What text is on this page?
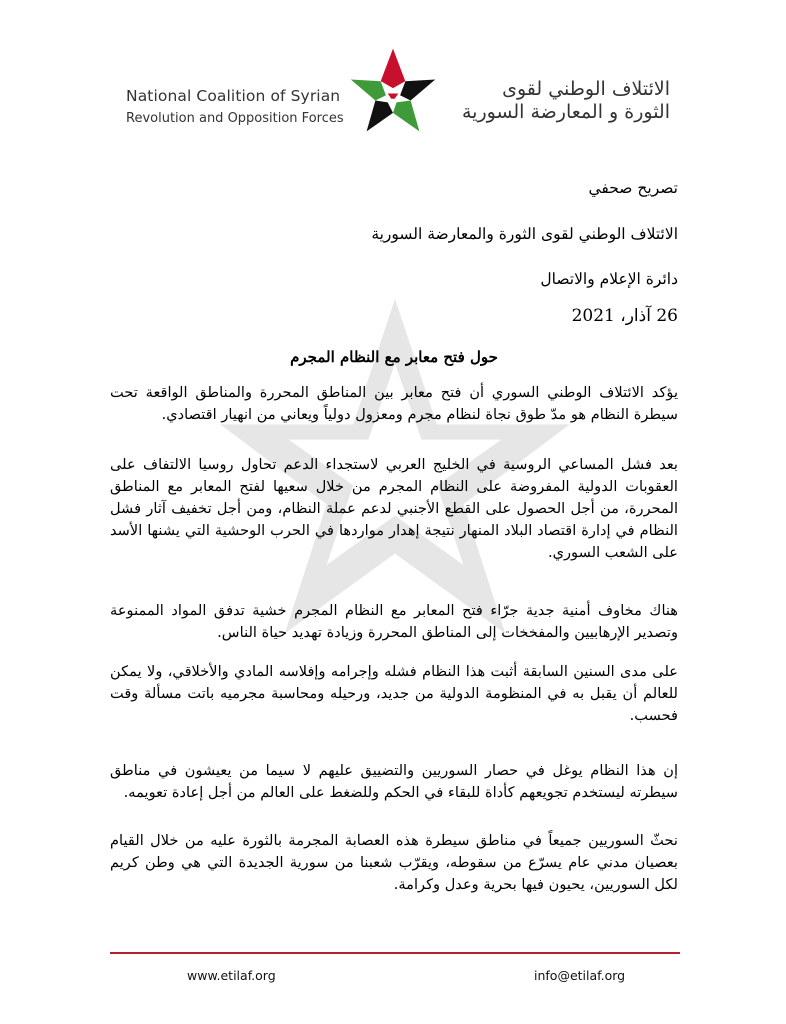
National Coalition of Syrian
Revolution and Opposition Forces
الائتلاف الوطني لقوى
الثورة و المعارضة السورية

تصريح صحفي

الائتلاف الوطني لقوى الثورة والمعارضة السورية

دائرة الإعلام والاتصال

26 آذار، 2021

حول فتح معابر مع النظام المجرم

يؤكد الائتلاف الوطني السوري أن فتح معابر بين المناطق المحررة والمناطق الواقعة تحت سيطرة النظام هو مدّ طوق نجاة لنظام مجرم ومعزول دولياً ويعاني من انهيار اقتصادي.

بعد فشل المساعي الروسية في الخليج العربي لاستجداء الدعم تحاول روسيا الالتفاف على العقوبات الدولية المفروضة على النظام المجرم من خلال سعيها لفتح المعابر مع المناطق المحررة، من أجل الحصول على القطع الأجنبي لدعم عملة النظام، ومن أجل تخفيف آثار فشل النظام في إدارة اقتصاد البلاد المنهار نتيجة إهدار مواردها في الحرب الوحشية التي يشنها الأسد على الشعب السوري.

هناك مخاوف أمنية جدية جرّاء فتح المعابر مع النظام المجرم خشية تدفق المواد الممنوعة وتصدير الإرهابيين والمفخخات إلى المناطق المحررة وزيادة تهديد حياة الناس.

على مدى السنين السابقة أثبت هذا النظام فشله وإجرامه وإفلاسه المادي والأخلاقي، ولا يمكن للعالم أن يقبل به في المنظومة الدولية من جديد، ورحيله ومحاسبة مجرميه باتت مسألة وقت فحسب.

إن هذا النظام يوغل في حصار السوريين والتضييق عليهم لا سيما من يعيشون في مناطق سيطرته ليستخدم تجويعهم كأداة للبقاء في الحكم وللضغط على العالم من أجل إعادة تعويمه.

نحثّ السوريين جميعاً في مناطق سيطرة هذه العصابة المجرمة بالثورة عليه من خلال القيام بعصيان مدني عام يسرّع من سقوطه، ويقرّب شعبنا من سورية الجديدة التي هي وطن كريم لكل السوريين، يحيون فيها بحرية وعدل وكرامة.

www.etilaf.org	info@etilaf.org
